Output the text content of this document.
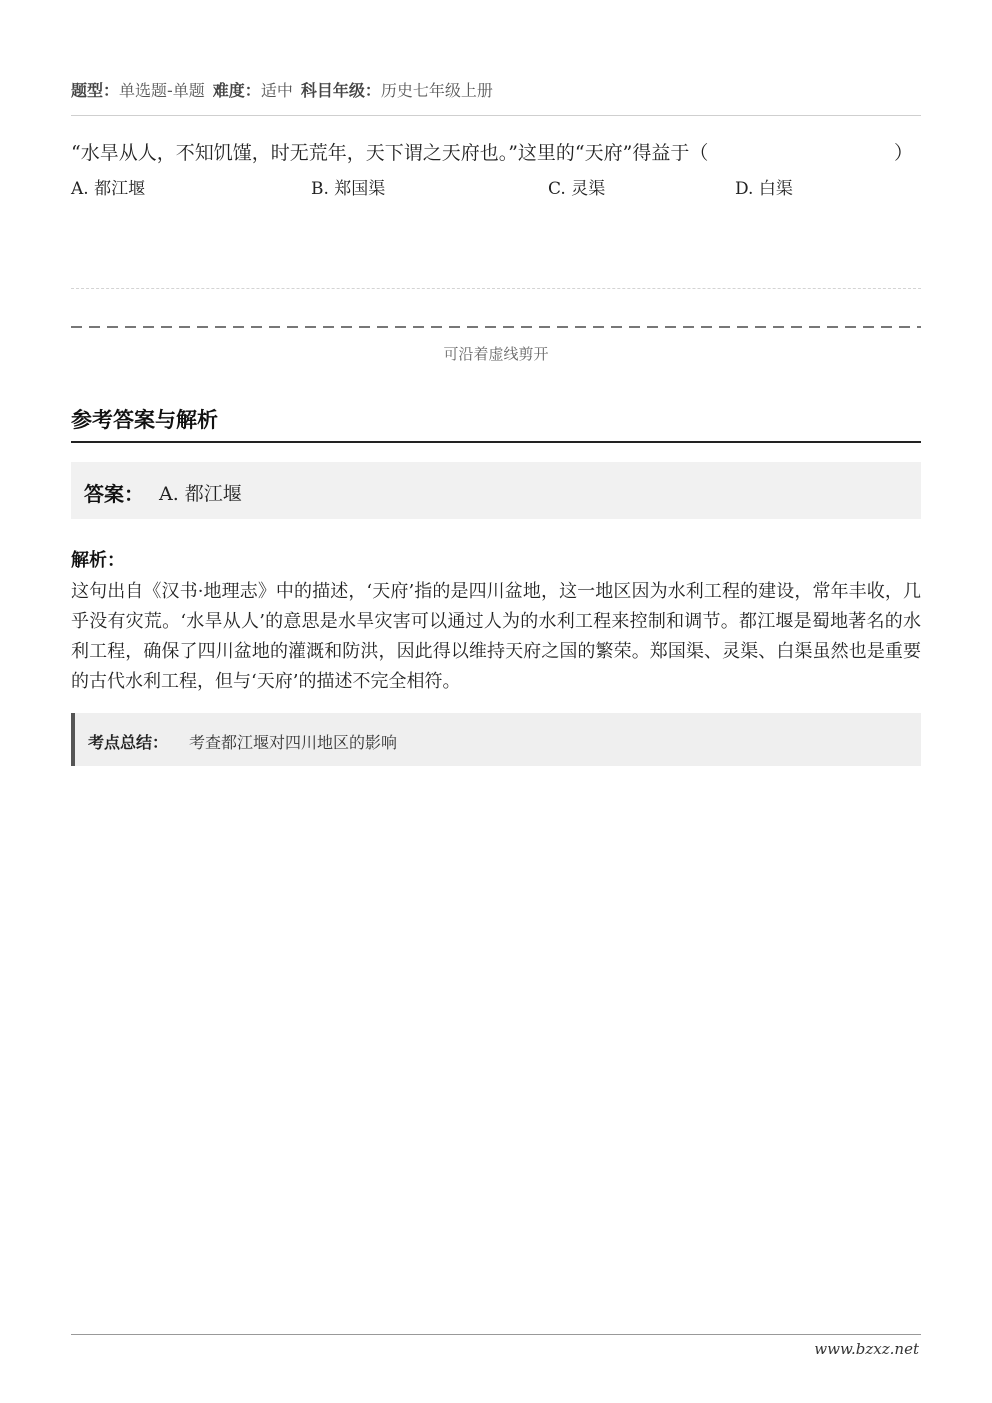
题型：单选题-单题 难度：适中 科目年级：历史七年级上册
“水旱从人，不知饥馑，时无荒年，天下谓之天府也。”这里的“天府”得益于（	）
A. 都江堰	B. 郑国渠	C. 灵渠	D. 白渠
可沿着虚线剪开
参考答案与解析
答案： A. 都江堰
解析：
这句出自《汉书·地理志》中的描述，‘天府’指的是四川盆地，这一地区因为水利工程的建设，常年丰收，几乎没有灾荒。‘水旱从人’的意思是水旱灾害可以通过人为的水利工程来控制和调节。都江堰是蜀地著名的水利工程，确保了四川盆地的灌溉和防洪，因此得以维持天府之国的繁荣。郑国渠、灵渠、白渠虽然也是重要的古代水利工程，但与‘天府’的描述不完全相符。
考点总结： 考查都江堰对四川地区的影响
www.bzxz.net
